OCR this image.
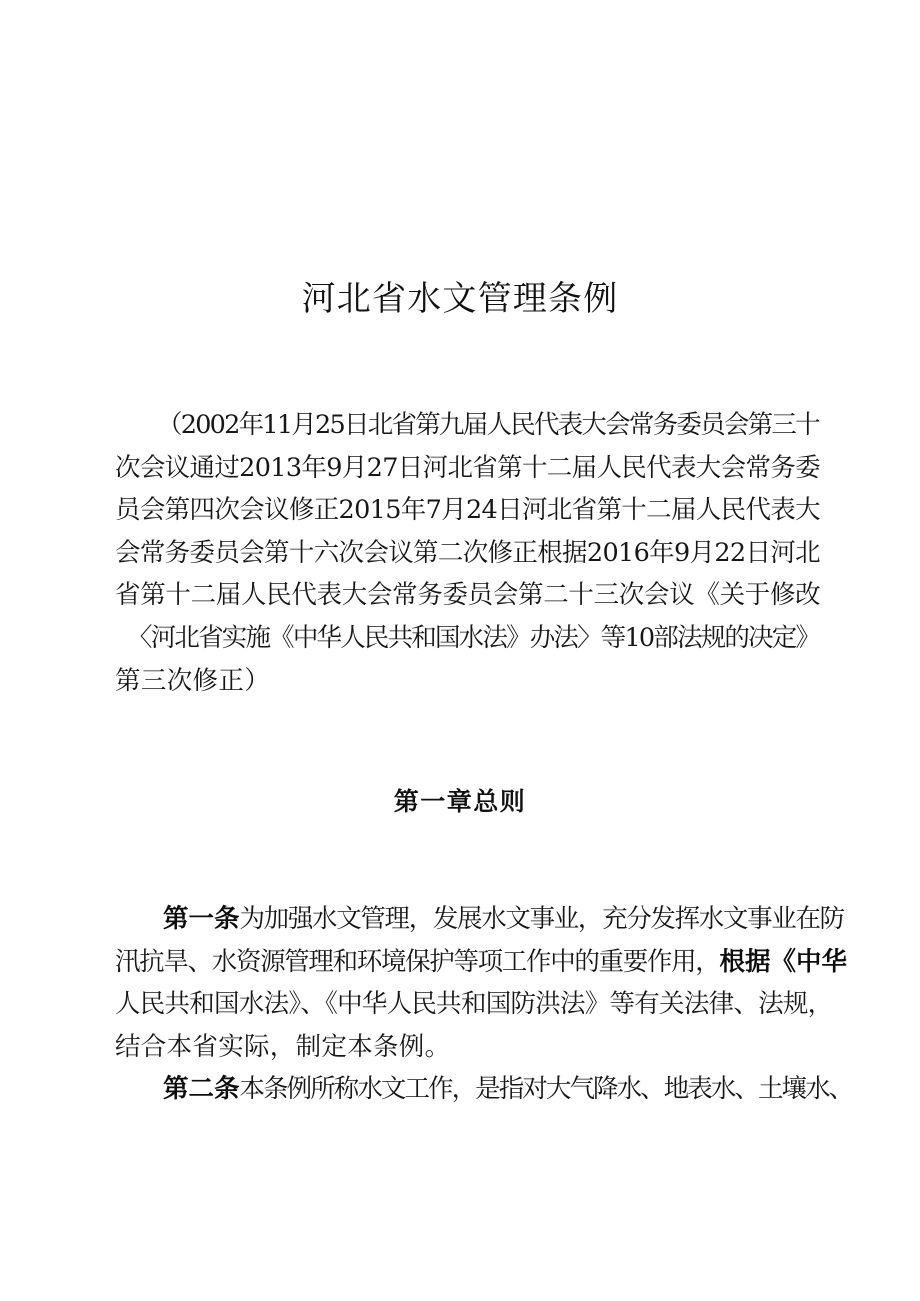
河北省水文管理条例
（2002年11月25日北省第九届人民代表大会常务委员会第三十
次会议通过2013年9月27日河北省第十二届人民代表大会常务委
员会第四次会议修正2015年7月24日河北省第十二届人民代表大
会常务委员会第十六次会议第二次修正根据2016年9月22日河北
省第十二届人民代表大会常务委员会第二十三次会议《关于修改
〈河北省实施《中华人民共和国水法》办法〉等10部法规的决定》
第三次修正）
第一章总则
第一条为加强水文管理，发展水文事业，充分发挥水文事业在防
汛抗旱、水资源管理和环境保护等项工作中的重要作用，根据《中华
人民共和国水法》、《中华人民共和国防洪法》等有关法律、法规，
结合本省实际，制定本条例。
第二条本条例所称水文工作，是指对大气降水、地表水、土壤水、
